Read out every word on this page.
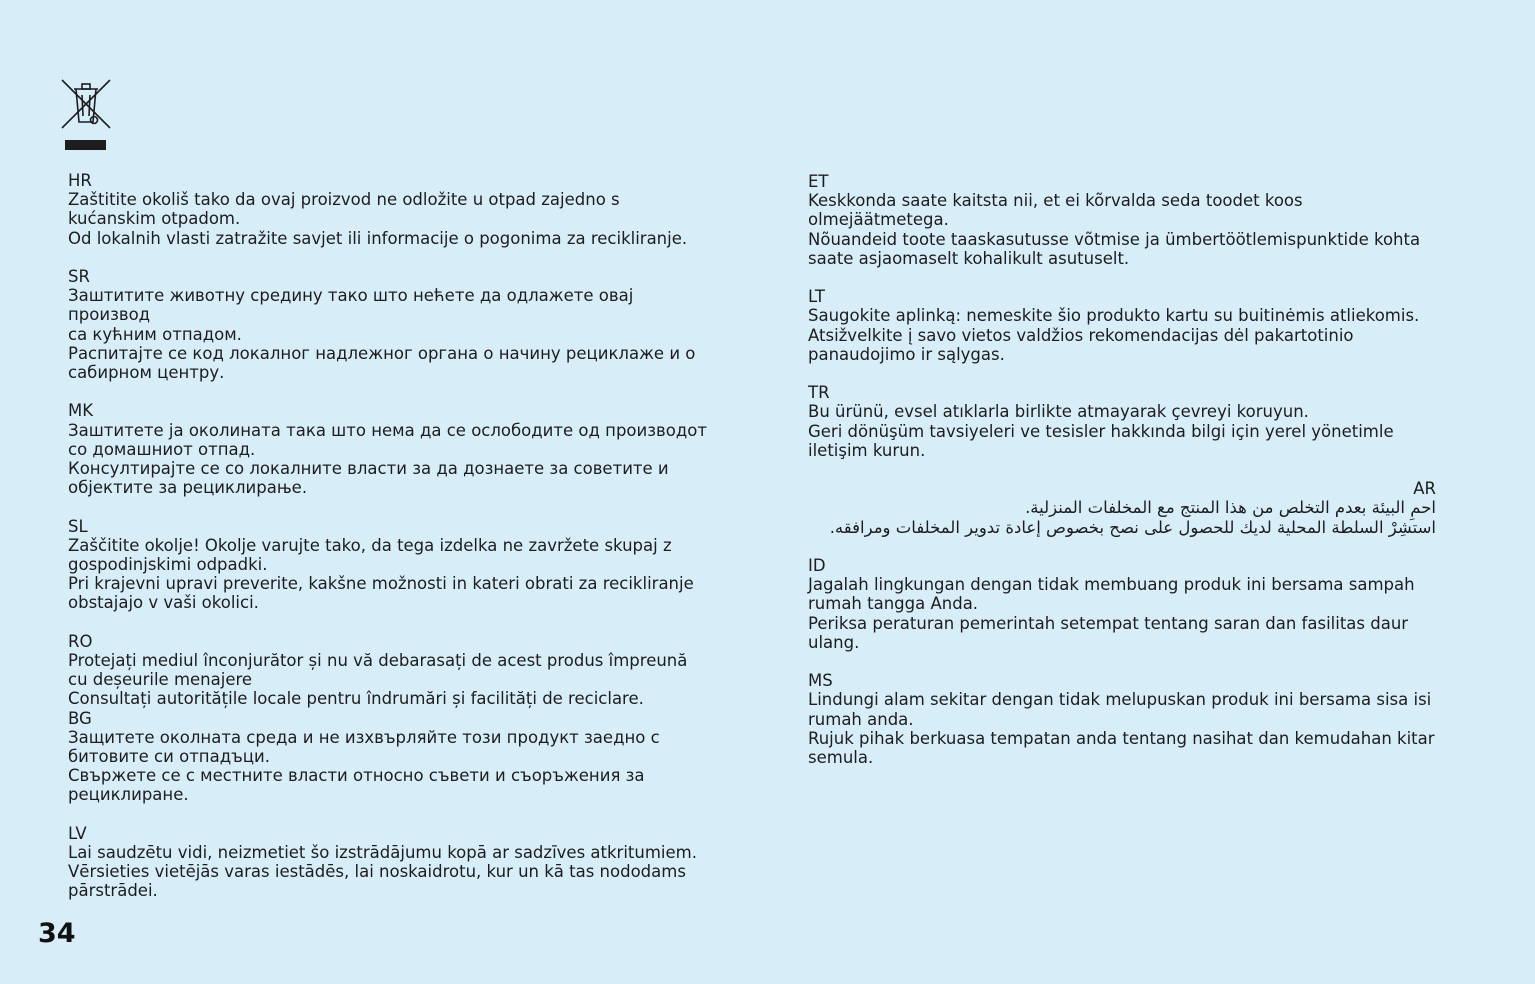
HR
Zaštitite okoliš tako da ovaj proizvod ne odložite u otpad zajedno s
kućanskim otpadom.
Od lokalnih vlasti zatražite savjet ili informacije o pogonima za recikliranje.
SR
Заштитите животну средину тако што нећете да одлажете овај производ
са кућним отпадом.
Распитајте се код локалног надлежног органа о начину рециклаже и о
сабирном центру.
MK
Заштитете ја околината така што нема да се ослободите од производот
со домашниот отпад.
Консултирајте се со локалните власти за да дознаете за советите и
објектите за рециклирање.
SL
Zaščitite okolje! Okolje varujte tako, da tega izdelka ne zavržete skupaj z
gospodinjskimi odpadki.
Pri krajevni upravi preverite, kakšne možnosti in kateri obrati za recikliranje
obstajajo v vaši okolici.
RO
Protejați mediul înconjurător și nu vă debarasați de acest produs împreună
cu deșeurile menajere
Consultați autoritățile locale pentru îndrumări și facilități de reciclare.
BG
Защитете околната среда и не изхвърляйте този продукт заедно с
битовите си отпадъци.
Свържете се с местните власти относно съвети и съоръжения за
рециклиране.
LV
Lai saudzētu vidi, neizmetiet šo izstrādājumu kopā ar sadzīves atkritumiem.
Vērsieties vietējās varas iestādēs, lai noskaidrotu, kur un kā tas nododams
pārstrādei.
ET
Keskkonda saate kaitsta nii, et ei kõrvalda seda toodet koos
olmejäätmetega.
Nõuandeid toote taaskasutusse võtmise ja ümbertöötlemispunktide kohta
saate asjaomaselt kohalikult asutuselt.
LT
Saugokite aplinką: nemeskite šio produkto kartu su buitinėmis atliekomis.
Atsižvelkite į savo vietos valdžios rekomendacijas dėl pakartotinio
panaudojimo ir sąlygas.
TR
Bu ürünü, evsel atıklarla birlikte atmayarak çevreyi koruyun.
Geri dönüşüm tavsiyeleri ve tesisler hakkında bilgi için yerel yönetimle
iletişim kurun.
AR
احمِ البيئة بعدم التخلص من هذا المنتج مع المخلفات المنزلية.
استشِرْ السلطة المحلية لديك للحصول على نصح بخصوص إعادة تدوير المخلفات ومرافقه.
ID
Jagalah lingkungan dengan tidak membuang produk ini bersama sampah
rumah tangga Anda.
Periksa peraturan pemerintah setempat tentang saran dan fasilitas daur
ulang.
MS
Lindungi alam sekitar dengan tidak melupuskan produk ini bersama sisa isi
rumah anda.
Rujuk pihak berkuasa tempatan anda tentang nasihat dan kemudahan kitar
semula.
34
